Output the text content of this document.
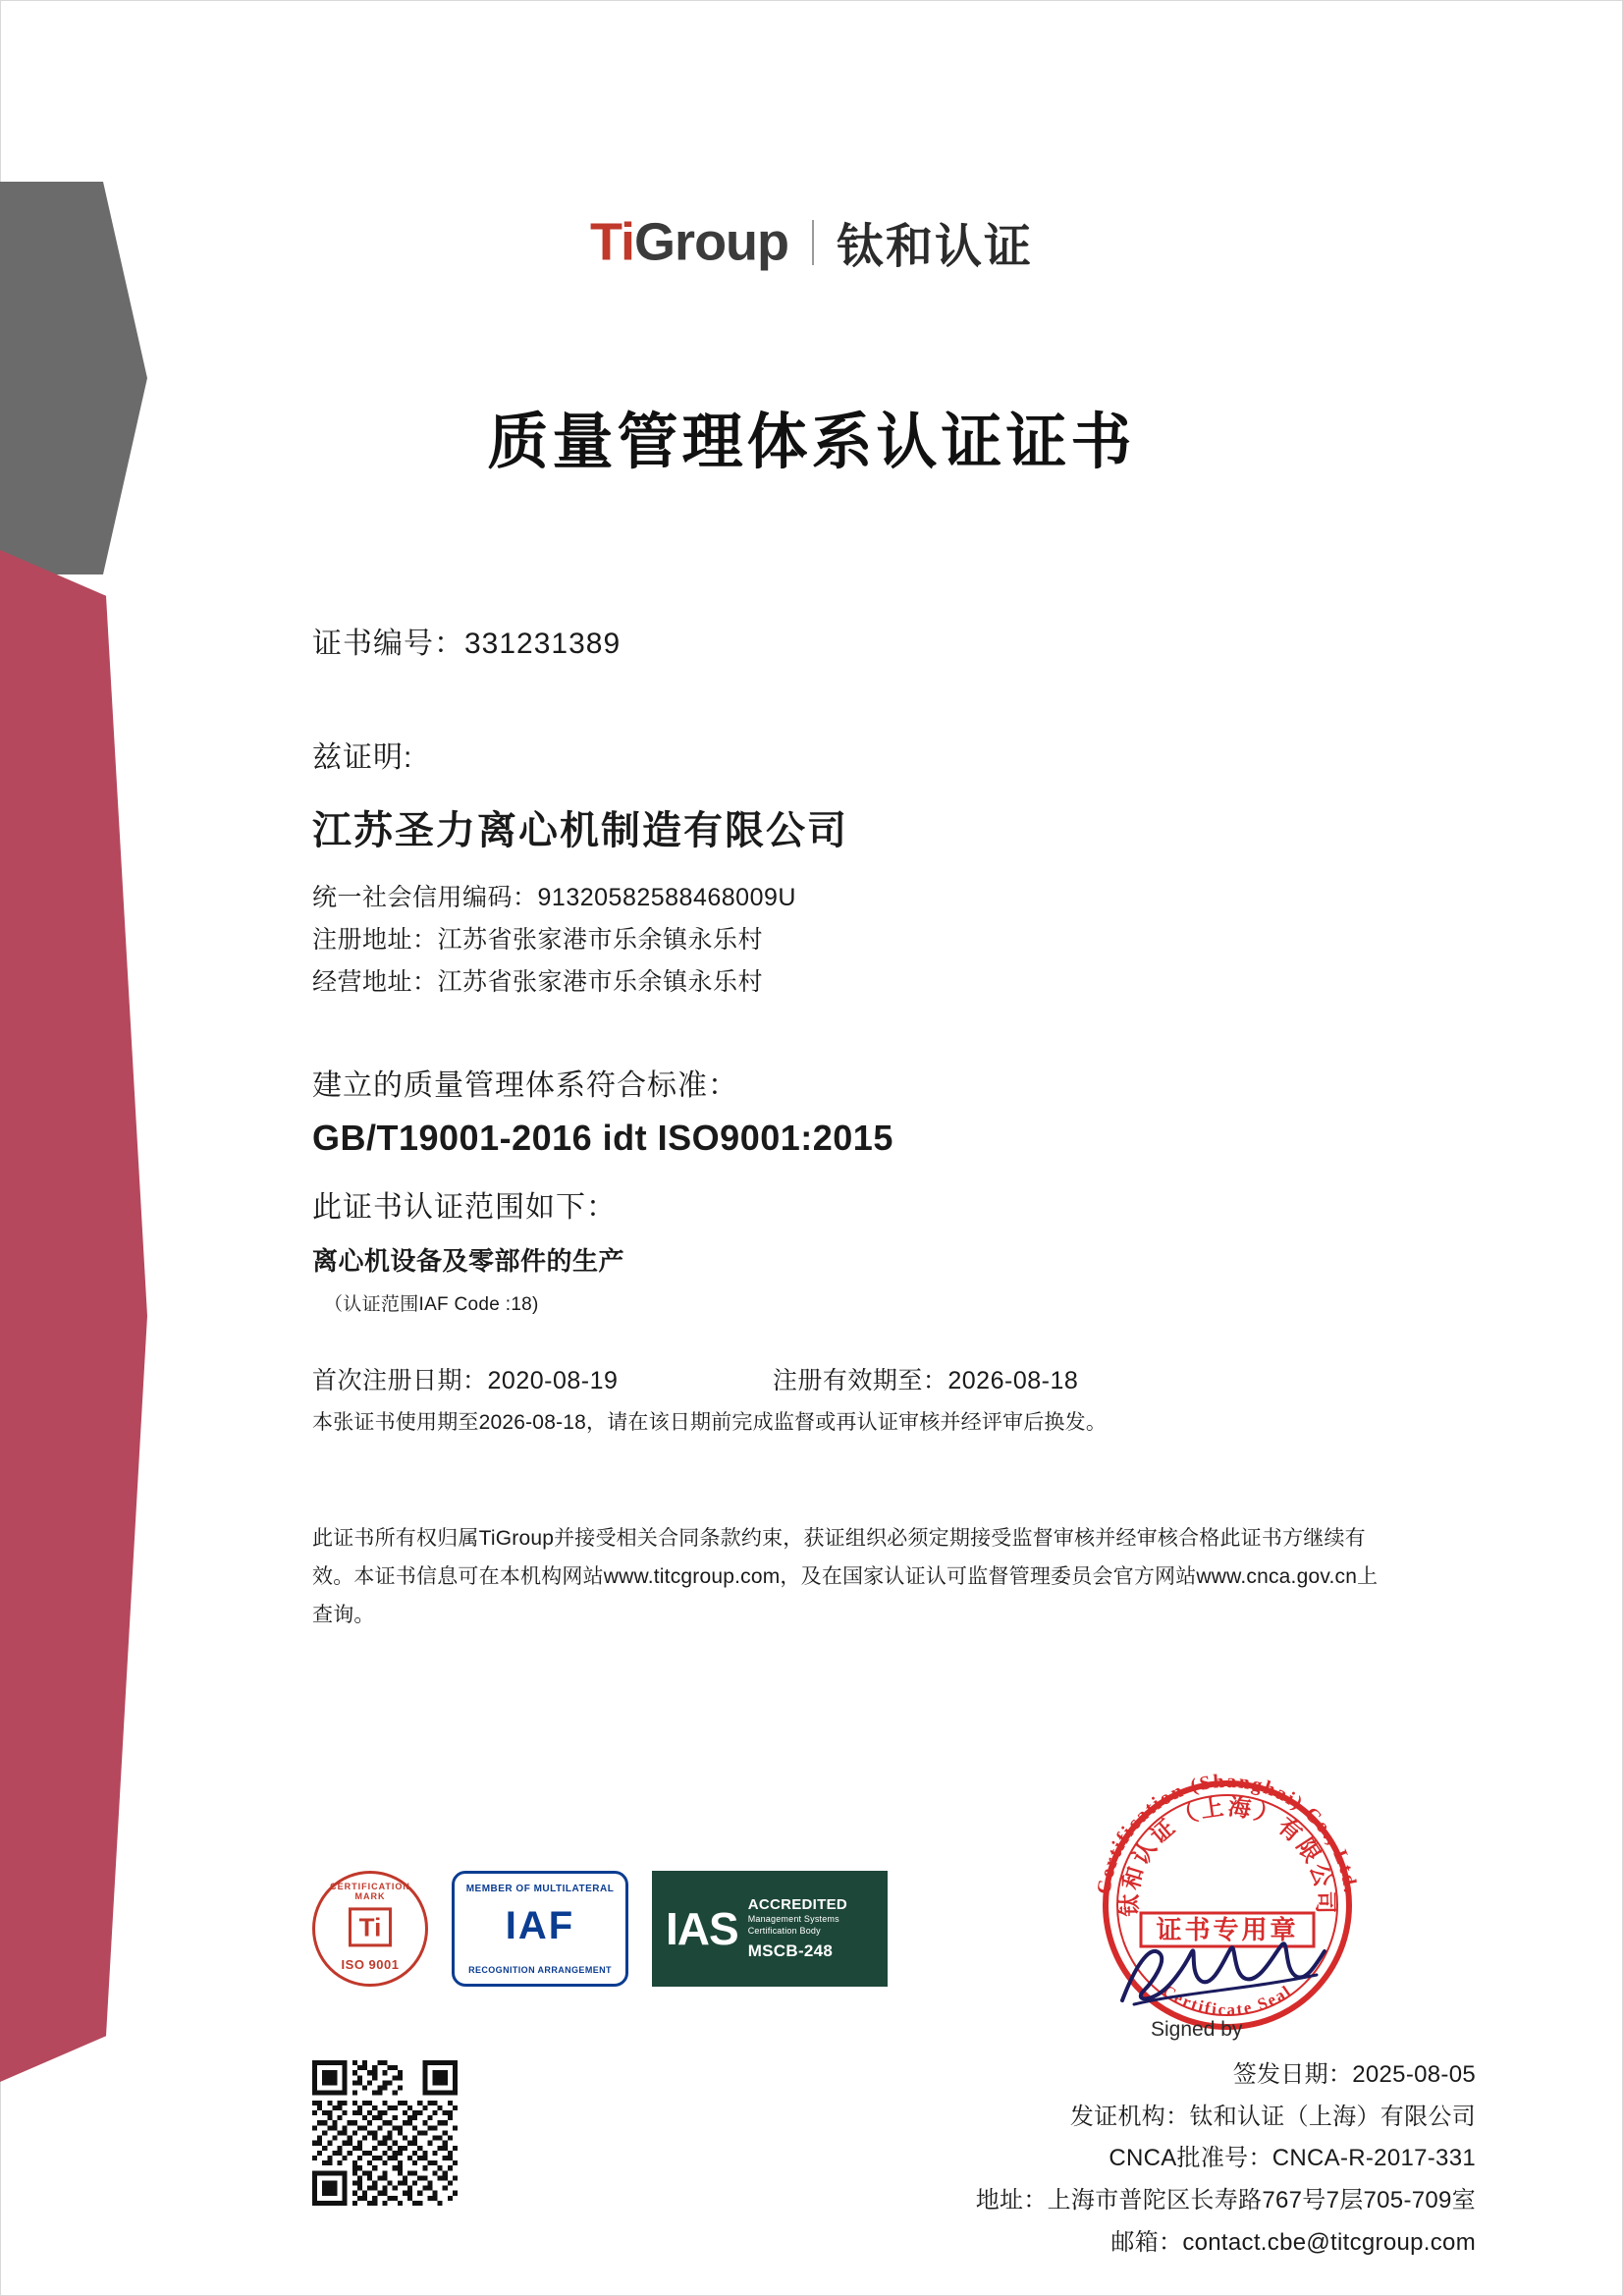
TiGroup 钛和认证
质量管理体系认证证书
证书编号：331231389
兹证明:
江苏圣力离心机制造有限公司
统一社会信用编码：91320582588468009U
注册地址：江苏省张家港市乐余镇永乐村
经营地址：江苏省张家港市乐余镇永乐村
建立的质量管理体系符合标准：
GB/T19001-2016 idt ISO9001:2015
此证书认证范围如下：
离心机设备及零部件的生产
（认证范围IAF Code :18)
首次注册日期：2020-08-19	注册有效期至：2026-08-18
本张证书使用期至2026-08-18，请在该日期前完成监督或再认证审核并经评审后换发。
此证书所有权归属TiGroup并接受相关合同条款约束，获证组织必须定期接受监督审核并经审核合格此证书方继续有效。本证书信息可在本机构网站www.titcgroup.com，及在国家认证认可监督管理委员会官方网站www.cnca.gov.cn上查询。
CERTIFICATION MARK
Ti
ISO 9001
MEMBER OF MULTILATERAL
IAF
RECOGNITION ARRANGEMENT
IAS ACCREDITED
Management Systems
Certification Body
MSCB-248
Certification (Shanghai) Co., Ltd.
Certificate Seal
钛和认证（上海）有限公司
证书专用章
Signed by
签发日期：2025-08-05
发证机构：钛和认证（上海）有限公司
CNCA批准号：CNCA-R-2017-331
地址：上海市普陀区长寿路767号7层705-709室
邮箱：contact.cbe@titcgroup.com
